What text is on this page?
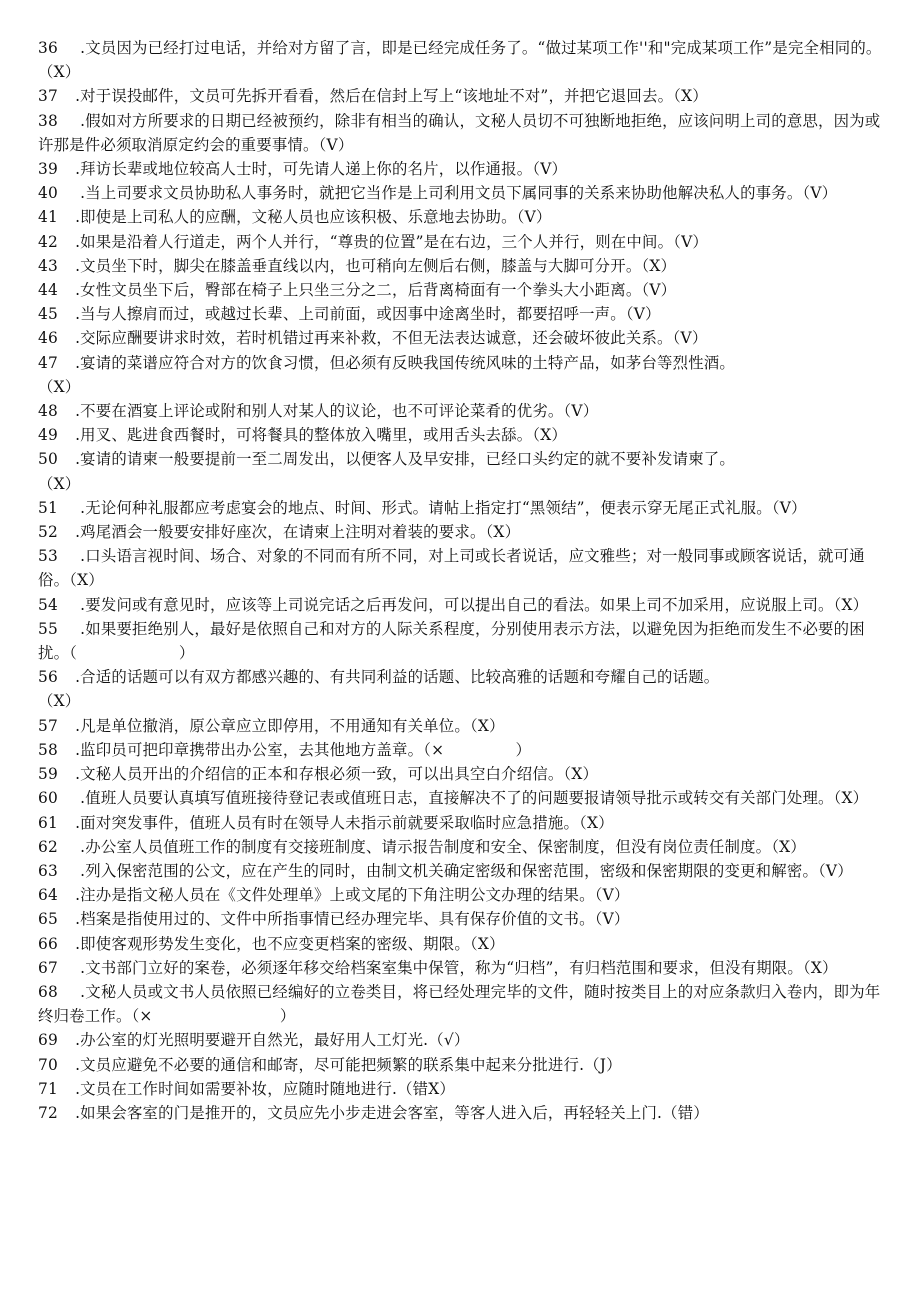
36  .文员因为已经打过电话，并给对方留了言，即是已经完成任务了。“做过某项工作''和"完成某项工作”是完全相同的。（X）
37 .对于误投邮件，文员可先拆开看看，然后在信封上写上“该地址不对”，并把它退回去。（X）
38  .假如对方所要求的日期已经被预约，除非有相当的确认，文秘人员切不可独断地拒绝，应该问明上司的意思，因为或许那是件必须取消原定约会的重要事情。（V）
39 .拜访长辈或地位较高人士时，可先请人递上你的名片，以作通报。（V）
40  .当上司要求文员协助私人事务时，就把它当作是上司利用文员下属同事的关系来协助他解决私人的事务。（V）
41 .即使是上司私人的应酬，文秘人员也应该积极、乐意地去协助。（V）
42 .如果是沿着人行道走，两个人并行，“尊贵的位置”是在右边，三个人并行，则在中间。（V）
43 .文员坐下时，脚尖在膝盖垂直线以内，也可稍向左侧后右侧，膝盖与大脚可分开。（X）
44 .女性文员坐下后，臀部在椅子上只坐三分之二，后背离椅面有一个拳头大小距离。（V）
45 .当与人擦肩而过，或越过长辈、上司前面，或因事中途离坐时，都要招呼一声。（V）
46 .交际应酬要讲求时效，若时机错过再来补救，不但无法表达诚意，还会破坏彼此关系。（V）
47 .宴请的菜谱应符合对方的饮食习惯，但必须有反映我国传统风味的土特产品，如茅台等烈性酒。
（X）
48 .不要在酒宴上评论或附和别人对某人的议论，也不可评论菜肴的优劣。（V）
49 .用叉、匙进食西餐时，可将餐具的整体放入嘴里，或用舌头去舔。（X）
50 .宴请的请柬一般要提前一至二周发出，以便客人及早安排，已经口头约定的就不要补发请柬了。
（X）
51  .无论何种礼服都应考虑宴会的地点、时间、形式。请帖上指定打“黑领结”，便表示穿无尾正式礼服。（V）
52 .鸡尾酒会一般要安排好座次，在请柬上注明对着装的要求。（X）
53  .口头语言视时间、场合、对象的不同而有所不同，对上司或长者说话，应文雅些；对一般同事或顾客说话，就可通俗。（X）
54  .要发问或有意见时，应该等上司说完话之后再发问，可以提出自己的看法。如果上司不加采用，应说服上司。（X）
55  .如果要拒绝别人，最好是依照自己和对方的人际关系程度，分别使用表示方法，以避免因为拒绝而发生不必要的困扰。（                    ）
56 .合适的话题可以有双方都感兴趣的、有共同利益的话题、比较高雅的话题和夸耀自己的话题。
（X）
57 .凡是单位撤消，原公章应立即停用，不用通知有关单位。（X）
58 .监印员可把印章携带出办公室，去其他地方盖章。（×              ）
59 .文秘人员开出的介绍信的正本和存根必须一致，可以出具空白介绍信。（X）
60  .值班人员要认真填写值班接待登记表或值班日志，直接解决不了的问题要报请领导批示或转交有关部门处理。（X）
61 .面对突发事件，值班人员有时在领导人未指示前就要采取临时应急措施。（X）
62  .办公室人员值班工作的制度有交接班制度、请示报告制度和安全、保密制度，但没有岗位责任制度。（X）
63  .列入保密范围的公文，应在产生的同时，由制文机关确定密级和保密范围，密级和保密期限的变更和解密。（V）
64 .注办是指文秘人员在《文件处理单》上或文尾的下角注明公文办理的结果。（V）
65 .档案是指使用过的、文件中所指事情已经办理完毕、具有保存价值的文书。（V）
66 .即使客观形势发生变化，也不应变更档案的密级、期限。（X）
67  .文书部门立好的案卷，必须逐年移交给档案室集中保管，称为“归档”，有归档范围和要求，但没有期限。（X）
68  .文秘人员或文书人员依照已经编好的立卷类目，将已经处理完毕的文件，随时按类目上的对应条款归入卷内，即为年终归卷工作。（×                         ）
69 .办公室的灯光照明要避开自然光，最好用人工灯光.（√）
70 .文员应避免不必要的通信和邮寄，尽可能把频繁的联系集中起来分批进行.（J）
71 .文员在工作时间如需要补妆，应随时随地进行.（错X）
72 .如果会客室的门是推开的，文员应先小步走进会客室，等客人进入后，再轻轻关上门.（错）
